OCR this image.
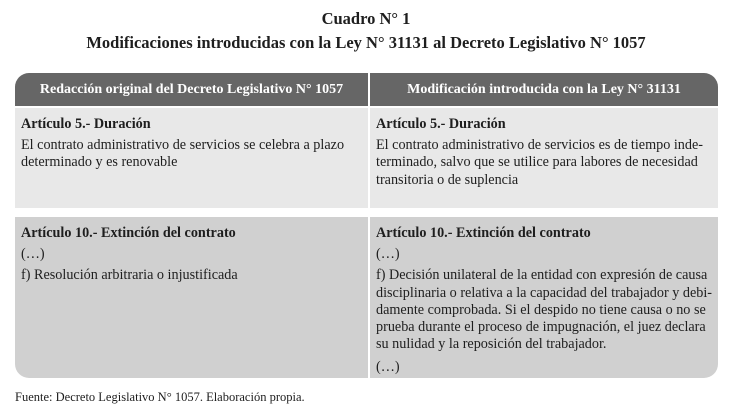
Cuadro N° 1
Modificaciones introducidas con la Ley N° 31131 al Decreto Legislativo N° 1057
Redacción original del Decreto Legislativo N° 1057	Modificación introducida con la Ley N° 31131
Artículo 5.- Duración
El contrato administrativo de servicios se celebra a plazo
determinado y es renovable
Artículo 5.- Duración
El contrato administrativo de servicios es de tiempo inde-
terminado, salvo que se utilice para labores de necesidad
transitoria o de suplencia
Artículo 10.- Extinción del contrato
(…)
f) Resolución arbitraria o injustificada
Artículo 10.- Extinción del contrato
(…)
f) Decisión unilateral de la entidad con expresión de causa
disciplinaria o relativa a la capacidad del trabajador y debi-
damente comprobada. Si el despido no tiene causa o no se
prueba durante el proceso de impugnación, el juez declara
su nulidad y la reposición del trabajador.
(…)
Fuente: Decreto Legislativo N° 1057. Elaboración propia.
